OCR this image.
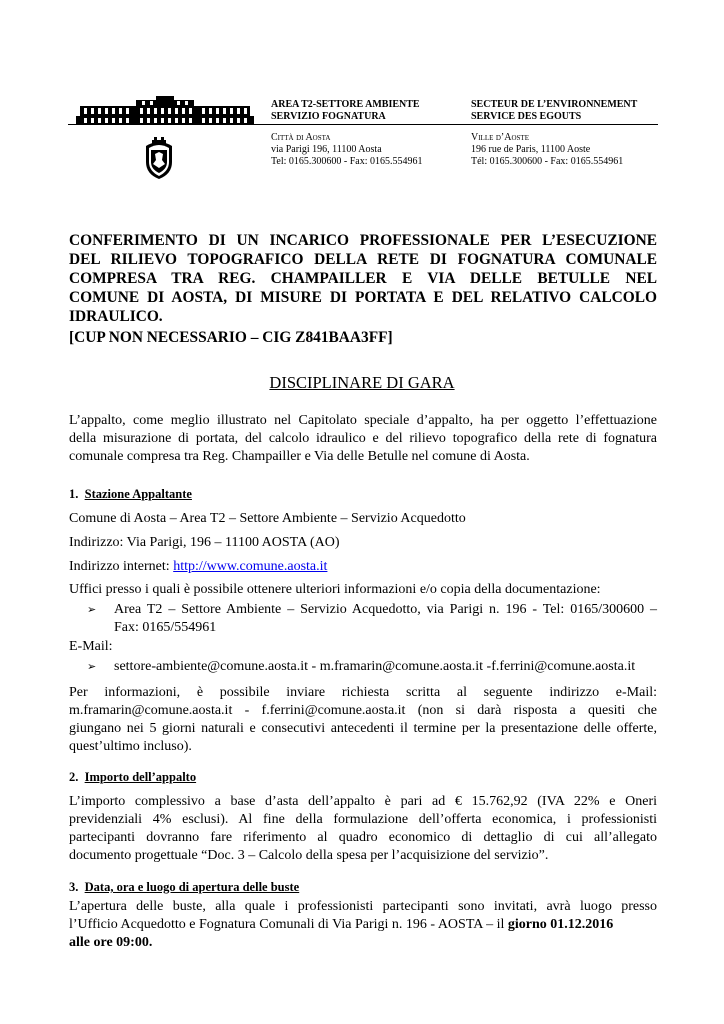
AREA T2-SETTORE AMBIENTE
SERVIZIO FOGNATURA
Città di Aosta
via Parigi 196, 11100 Aosta
Tel: 0165.300600 - Fax: 0165.554961
SECTEUR DE L’ENVIRONNEMENT
SERVICE DES EGOUTS
Ville d’Aoste
196 rue de Paris, 11100 Aoste
Tél: 0165.300600 - Fax: 0165.554961
CONFERIMENTO DI UN INCARICO PROFESSIONALE PER L’ESECUZIONE
DEL RILIEVO TOPOGRAFICO DELLA RETE DI FOGNATURA COMUNALE
COMPRESA TRA REG. CHAMPAILLER E VIA DELLE BETULLE NEL
COMUNE DI AOSTA, DI MISURE DI PORTATA E DEL RELATIVO CALCOLO
IDRAULICO.
[CUP NON NECESSARIO – CIG Z841BAA3FF]
DISCIPLINARE DI GARA
L’appalto, come meglio illustrato nel Capitolato speciale d’appalto, ha per oggetto l’effettuazione
della misurazione di portata, del calcolo idraulico e del rilievo topografico della rete di fognatura
comunale compresa tra Reg. Champailler e Via delle Betulle nel comune di Aosta.
1. Stazione Appaltante
Comune di Aosta – Area T2 – Settore Ambiente – Servizio Acquedotto
Indirizzo: Via Parigi, 196 – 11100 AOSTA (AO)
Indirizzo internet: http://www.comune.aosta.it
Uffici presso i quali è possibile ottenere ulteriori informazioni e/o copia della documentazione:
➢ Area T2 – Settore Ambiente – Servizio Acquedotto, via Parigi n. 196 - Tel: 0165/300600 –
Fax: 0165/554961
E-Mail:
➢ settore-ambiente@comune.aosta.it - m.framarin@comune.aosta.it -f.ferrini@comune.aosta.it
Per informazioni, è possibile inviare richiesta scritta al seguente indirizzo e-Mail:
m.framarin@comune.aosta.it - f.ferrini@comune.aosta.it (non si darà risposta a quesiti che
giungano nei 5 giorni naturali e consecutivi antecedenti il termine per la presentazione delle offerte,
quest’ultimo incluso).
2. Importo dell’appalto
L’importo complessivo a base d’asta dell’appalto è pari ad € 15.762,92 (IVA 22% e Oneri
previdenziali 4% esclusi). Al fine della formulazione dell’offerta economica, i professionisti
partecipanti dovranno fare riferimento al quadro economico di dettaglio di cui all’allegato
documento progettuale “Doc. 3 – Calcolo della spesa per l’acquisizione del servizio”.
3. Data, ora e luogo di apertura delle buste
L’apertura delle buste, alla quale i professionisti partecipanti sono invitati, avrà luogo presso
l’Ufficio Acquedotto e Fognatura Comunali di Via Parigi n. 196 - AOSTA – il giorno 01.12.2016
alle ore 09:00.
